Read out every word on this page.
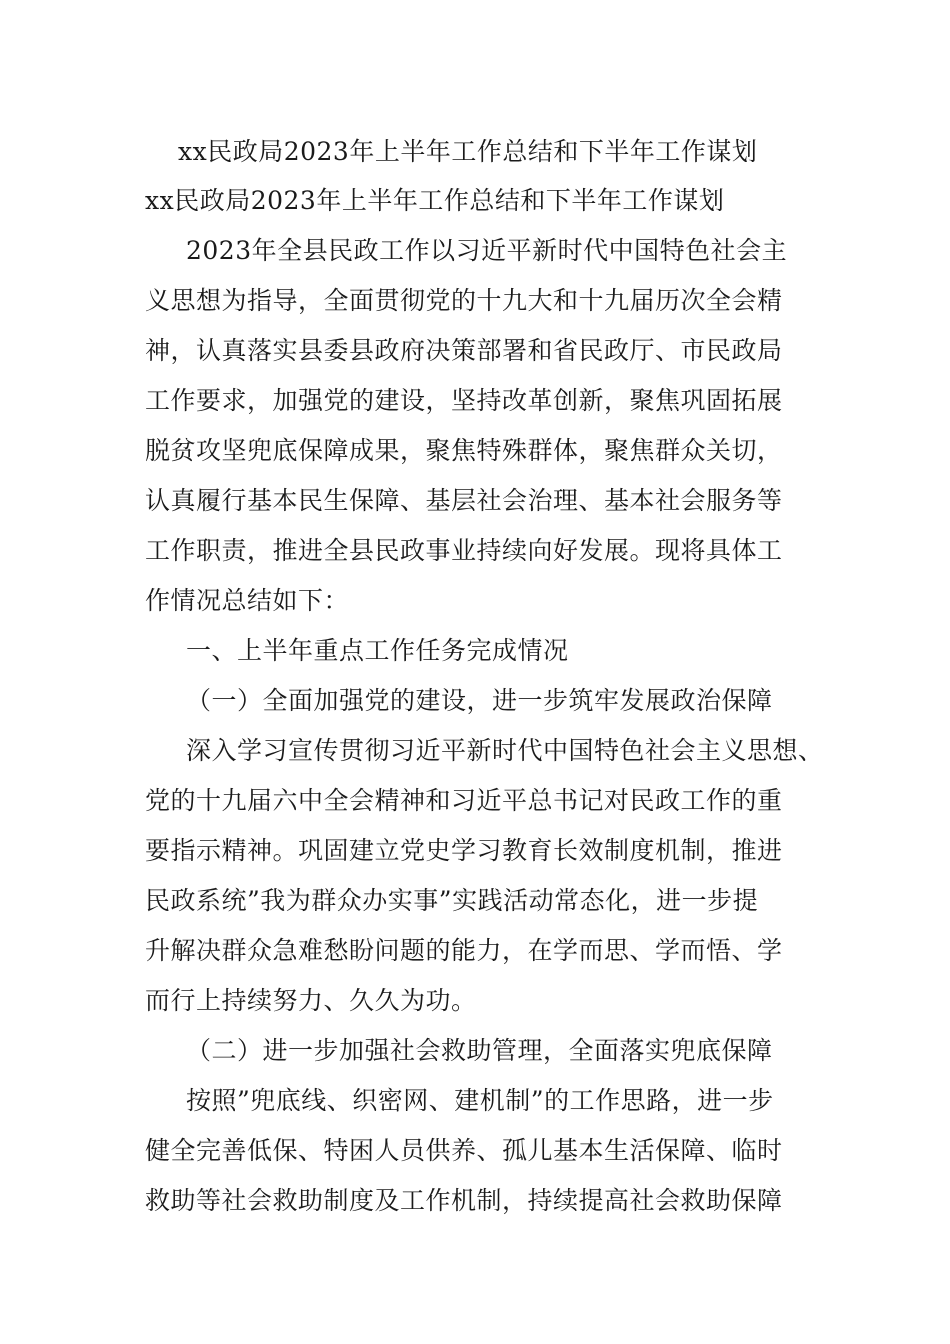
xx民政局2023年上半年工作总结和下半年工作谋划
xx民政局2023年上半年工作总结和下半年工作谋划
2023年全县民政工作以习近平新时代中国特色社会主
义思想为指导，全面贯彻党的十九大和十九届历次全会精
神，认真落实县委县政府决策部署和省民政厅、市民政局
工作要求，加强党的建设，坚持改革创新，聚焦巩固拓展
脱贫攻坚兜底保障成果，聚焦特殊群体，聚焦群众关切，
认真履行基本民生保障、基层社会治理、基本社会服务等
工作职责，推进全县民政事业持续向好发展。现将具体工
作情况总结如下：
一、上半年重点工作任务完成情况
（一）全面加强党的建设，进一步筑牢发展政治保障
深入学习宣传贯彻习近平新时代中国特色社会主义思想、
党的十九届六中全会精神和习近平总书记对民政工作的重
要指示精神。巩固建立党史学习教育长效制度机制，推进
民政系统”我为群众办实事”实践活动常态化，进一步提
升解决群众急难愁盼问题的能力，在学而思、学而悟、学
而行上持续努力、久久为功。
（二）进一步加强社会救助管理，全面落实兜底保障
按照”兜底线、织密网、建机制”的工作思路，进一步
健全完善低保、特困人员供养、孤儿基本生活保障、临时
救助等社会救助制度及工作机制，持续提高社会救助保障
